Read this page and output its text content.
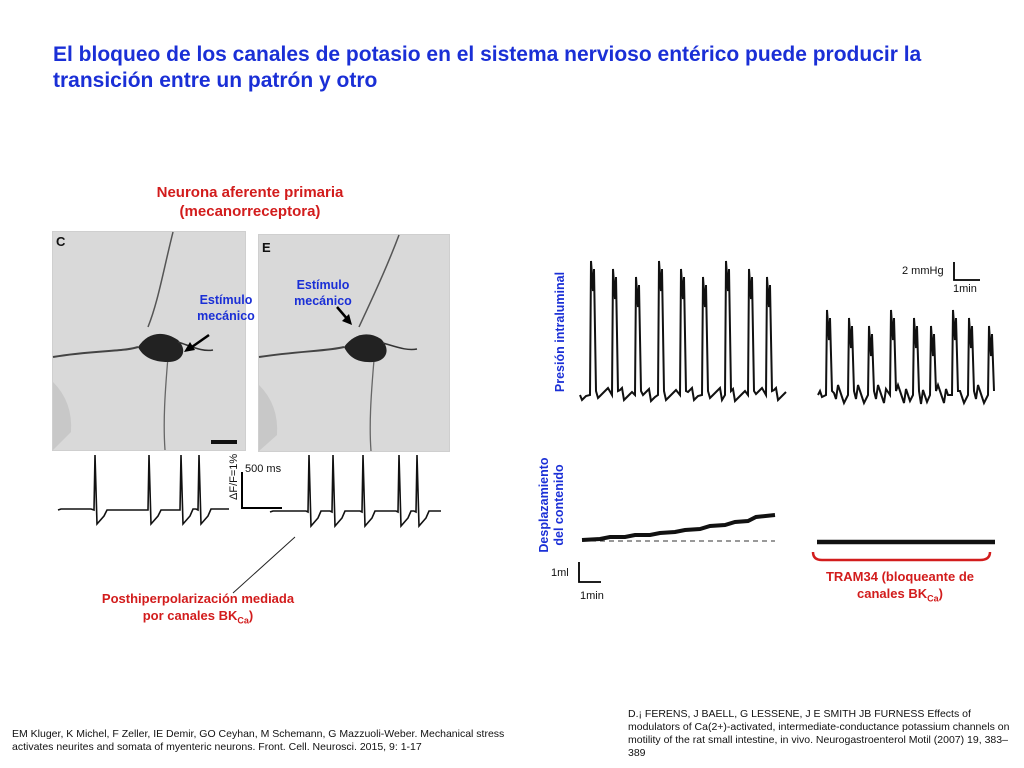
El bloqueo de los canales de potasio en el sistema nervioso entérico puede producir la transición entre un patrón y otro
Neurona aferente primaria
(mecanorreceptora)
C
Estímulo
mecánico
E
Estímulo
mecánico
ΔF/F=1% 500 ms
Posthiperpolarización mediada
por canales $BK_{Ca}$)
Presión intraluminal
Desplazamiento del contenido
2 mmHg
1min
1ml
1min
TRAM34 (bloqueante de
canales $BK_{Ca}$)
EM Kluger, K Michel, F Zeller, IE Demir, GO Ceyhan, M Schemann, G Mazzuoli-Weber. Mechanical stress activates neurites and somata of myenteric neurons. Front. Cell. Neurosci. 2015, 9: 1-17
D.¡ FERENS, J BAELL, G LESSENE, J E SMITH JB FURNESS Effects of modulators of Ca(2+)-activated, intermediate-conductance potassium channels on motility of the rat small intestine, in vivo. Neurogastroenterol Motil (2007) 19, 383–389
